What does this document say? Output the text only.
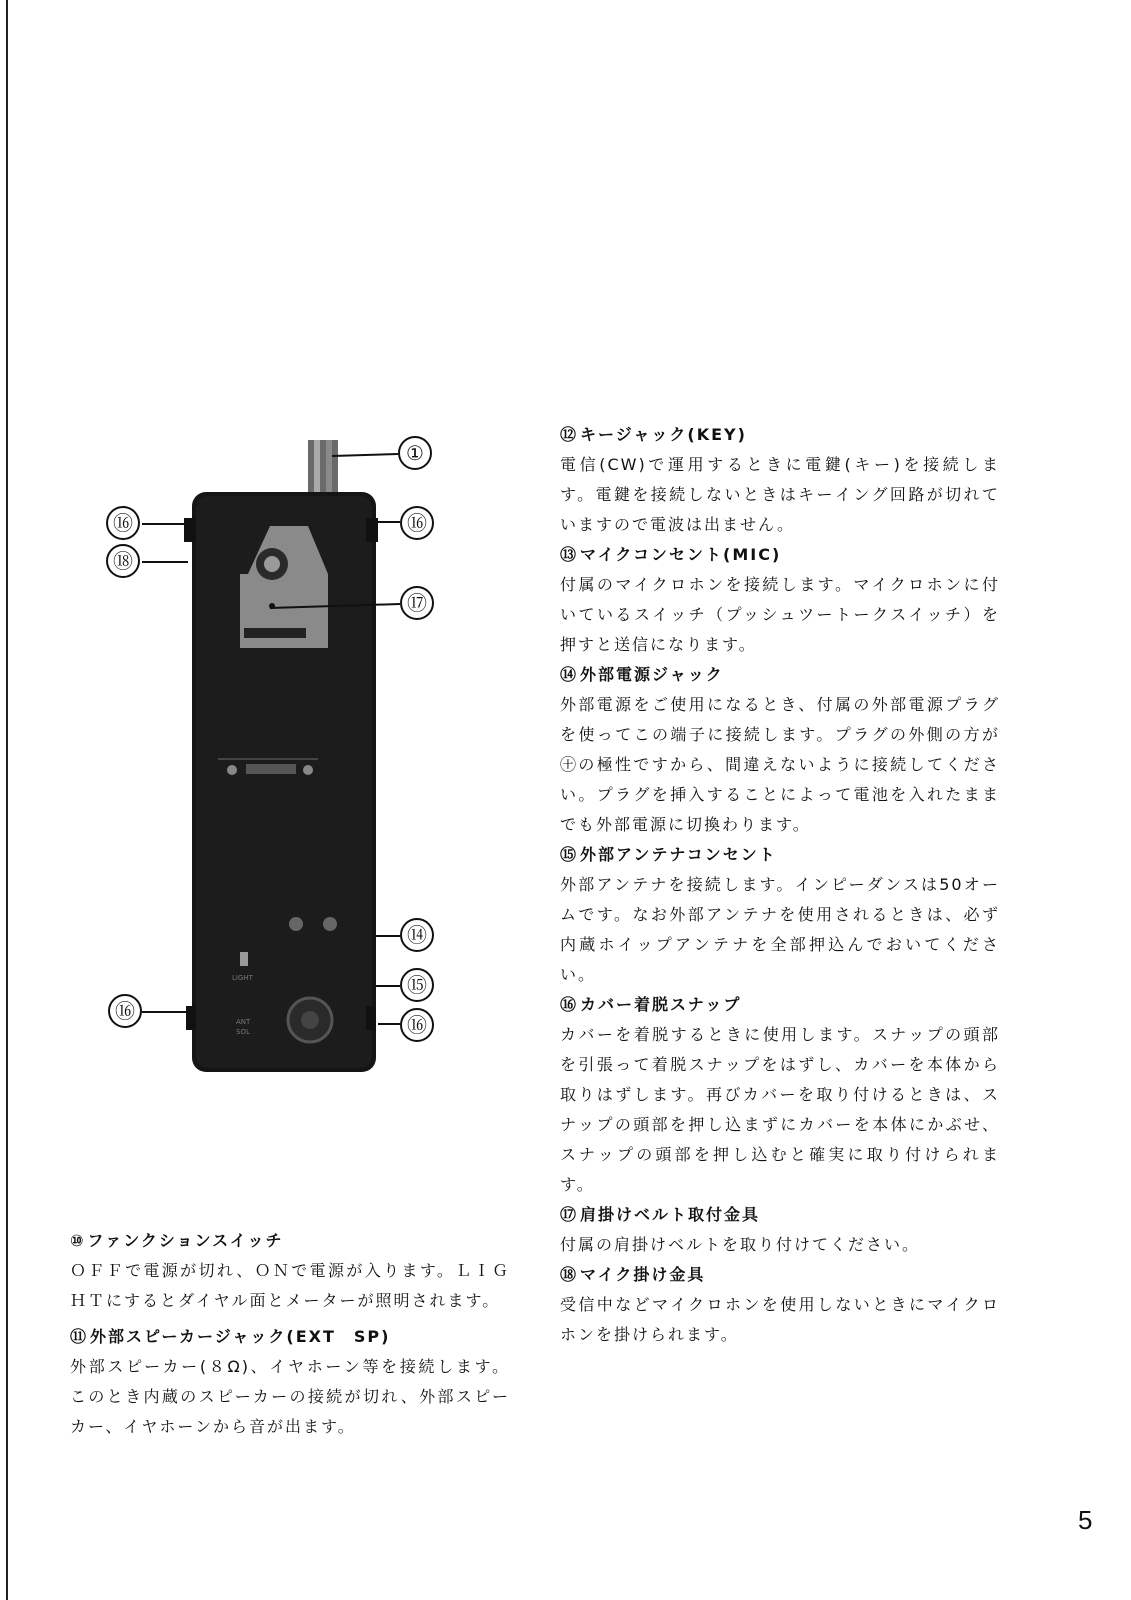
LIGHT
ANT
SOL
①
⑯	⑯
⑱
⑰
⑭
⑮
⑯
⑯
⑩ ファンクションスイッチ
ＯＦＦで電源が切れ、ＯＮで電源が入ります。ＬＩＧＨＴにするとダイヤル面とメーターが照明されます。
⑪ 外部スピーカージャック(EXT　SP)
外部スピーカー(８Ω)、イヤホーン等を接続します。このとき内蔵のスピーカーの接続が切れ、外部スピーカー、イヤホーンから音が出ます。
⑫ キージャック(KEY)
電信(CW)で運用するときに電鍵(キー)を接続します。電鍵を接続しないときはキーイング回路が切れていますので電波は出ません。
⑬ マイクコンセント(MIC)
付属のマイクロホンを接続します。マイクロホンに付いているスイッチ（プッシュツートークスイッチ）を押すと送信になります。
⑭ 外部電源ジャック
外部電源をご使用になるとき、付属の外部電源プラグを使ってこの端子に接続します。プラグの外側の方が㊉の極性ですから、間違えないように接続してください。プラグを挿入することによって電池を入れたままでも外部電源に切換わります。
⑮ 外部アンテナコンセント
外部アンテナを接続します。インピーダンスは50オームです。なお外部アンテナを使用されるときは、必ず内蔵ホイップアンテナを全部押込んでおいてください。
⑯ カバー着脱スナップ
カバーを着脱するときに使用します。スナップの頭部を引張って着脱スナップをはずし、カバーを本体から取りはずします。再びカバーを取り付けるときは、スナップの頭部を押し込まずにカバーを本体にかぶせ、スナップの頭部を押し込むと確実に取り付けられます。
⑰ 肩掛けベルト取付金具
付属の肩掛けベルトを取り付けてください。
⑱ マイク掛け金具
受信中などマイクロホンを使用しないときにマイクロホンを掛けられます。
5
